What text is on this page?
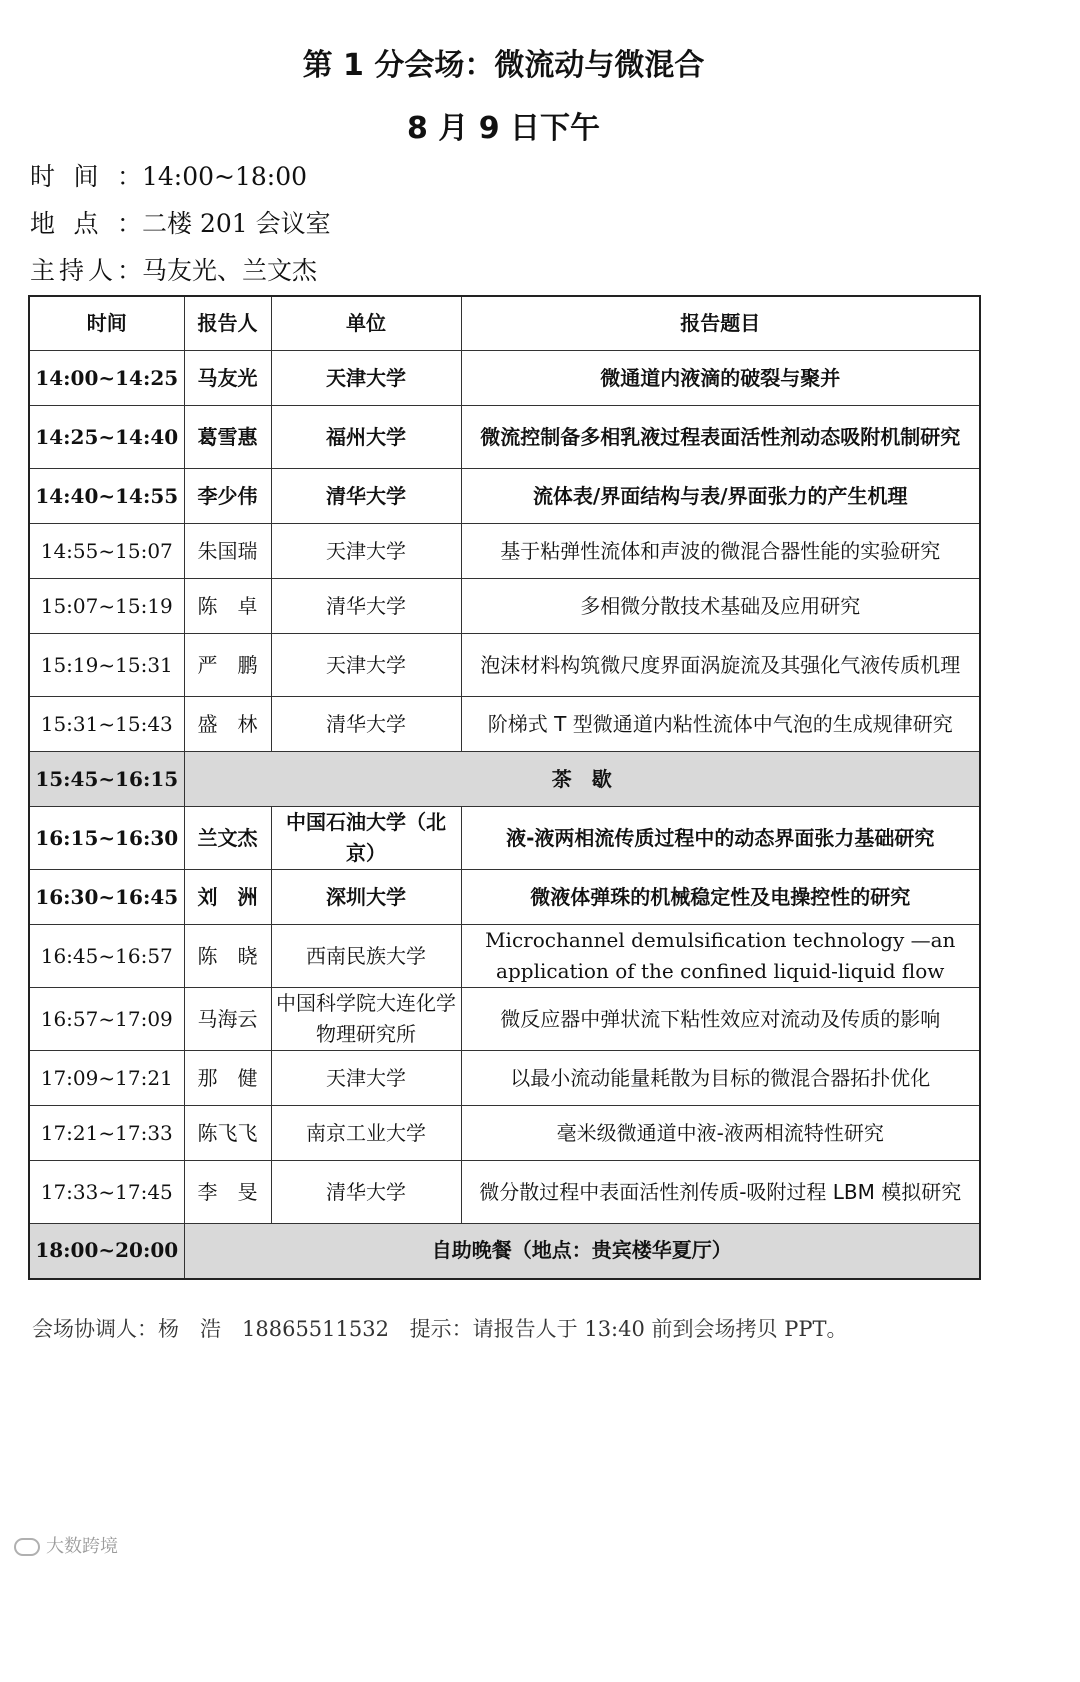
第 1 分会场：微流动与微混合
8 月 9 日下午
时间：14:00~18:00
地点：二楼 201 会议室
主持人：马友光、兰文杰
时间	报告人	单位	报告题目
14:00~14:25	马友光	天津大学	微通道内液滴的破裂与聚并
14:25~14:40	葛雪惠	福州大学	微流控制备多相乳液过程表面活性剂动态吸附机制研究
14:40~14:55	李少伟	清华大学	流体表/界面结构与表/界面张力的产生机理
14:55~15:07	朱国瑞	天津大学	基于粘弹性流体和声波的微混合器性能的实验研究
15:07~15:19	陈　卓	清华大学	多相微分散技术基础及应用研究
15:19~15:31	严　鹏	天津大学	泡沫材料构筑微尺度界面涡旋流及其强化气液传质机理
15:31~15:43	盛　林	清华大学	阶梯式 T 型微通道内粘性流体中气泡的生成规律研究
15:45~16:15	茶　歇		
16:15~16:30	兰文杰	中国石油大学（北京）	液-液两相流传质过程中的动态界面张力基础研究
16:30~16:45	刘　洲	深圳大学	微液体弹珠的机械稳定性及电操控性的研究
16:45~16:57	陈　晓	西南民族大学	Microchannel demulsification technology —an application of the confined liquid-liquid flow
16:57~17:09	马海云	中国科学院大连化学物理研究所	微反应器中弹状流下粘性效应对流动及传质的影响
17:09~17:21	那　健	天津大学	以最小流动能量耗散为目标的微混合器拓扑优化
17:21~17:33	陈飞飞	南京工业大学	毫米级微通道中液-液两相流特性研究
17:33~17:45	李　旻	清华大学	微分散过程中表面活性剂传质-吸附过程 LBM 模拟研究
18:00~20:00	自助晚餐（地点：贵宾楼华夏厅）		
会场协调人：杨　浩　18865511532 提示：请报告人于 13:40 前到会场拷贝 PPT。
大数跨境
